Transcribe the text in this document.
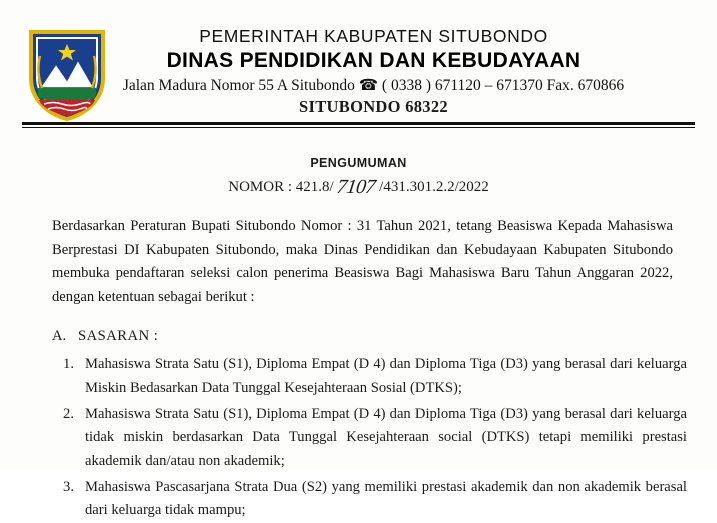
PEMERINTAH KABUPATEN SITUBONDO
DINAS PENDIDIKAN DAN KEBUDAYAAN
Jalan Madura Nomor 55 A Situbondo ☎ ( 0338 ) 671120 – 671370 Fax. 670866
SITUBONDO 68322
PENGUMUMAN
NOMOR : 421.8/ 7107 /431.301.2.2/2022
Berdasarkan Peraturan Bupati Situbondo Nomor : 31 Tahun 2021, tetang Beasiswa Kepada Mahasiswa Berprestasi DI Kabupaten Situbondo, maka Dinas Pendidikan dan Kebudayaan Kabupaten Situbondo membuka pendaftaran seleksi calon penerima Beasiswa Bagi Mahasiswa Baru Tahun Anggaran 2022, dengan ketentuan sebagai berikut :
A. SASARAN :
1. Mahasiswa Strata Satu (S1), Diploma Empat (D 4) dan Diploma Tiga (D3) yang berasal dari keluarga Miskin Bedasarkan Data Tunggal Kesejahteraan Sosial (DTKS);
2. Mahasiswa Strata Satu (S1), Diploma Empat (D 4) dan Diploma Tiga (D3) yang berasal dari keluarga tidak miskin berdasarkan Data Tunggal Kesejahteraan social (DTKS) tetapi memiliki prestasi akademik dan/atau non akademik;
3. Mahasiswa Pascasarjana Strata Dua (S2) yang memiliki prestasi akademik dan non akademik berasal dari keluarga tidak mampu;
